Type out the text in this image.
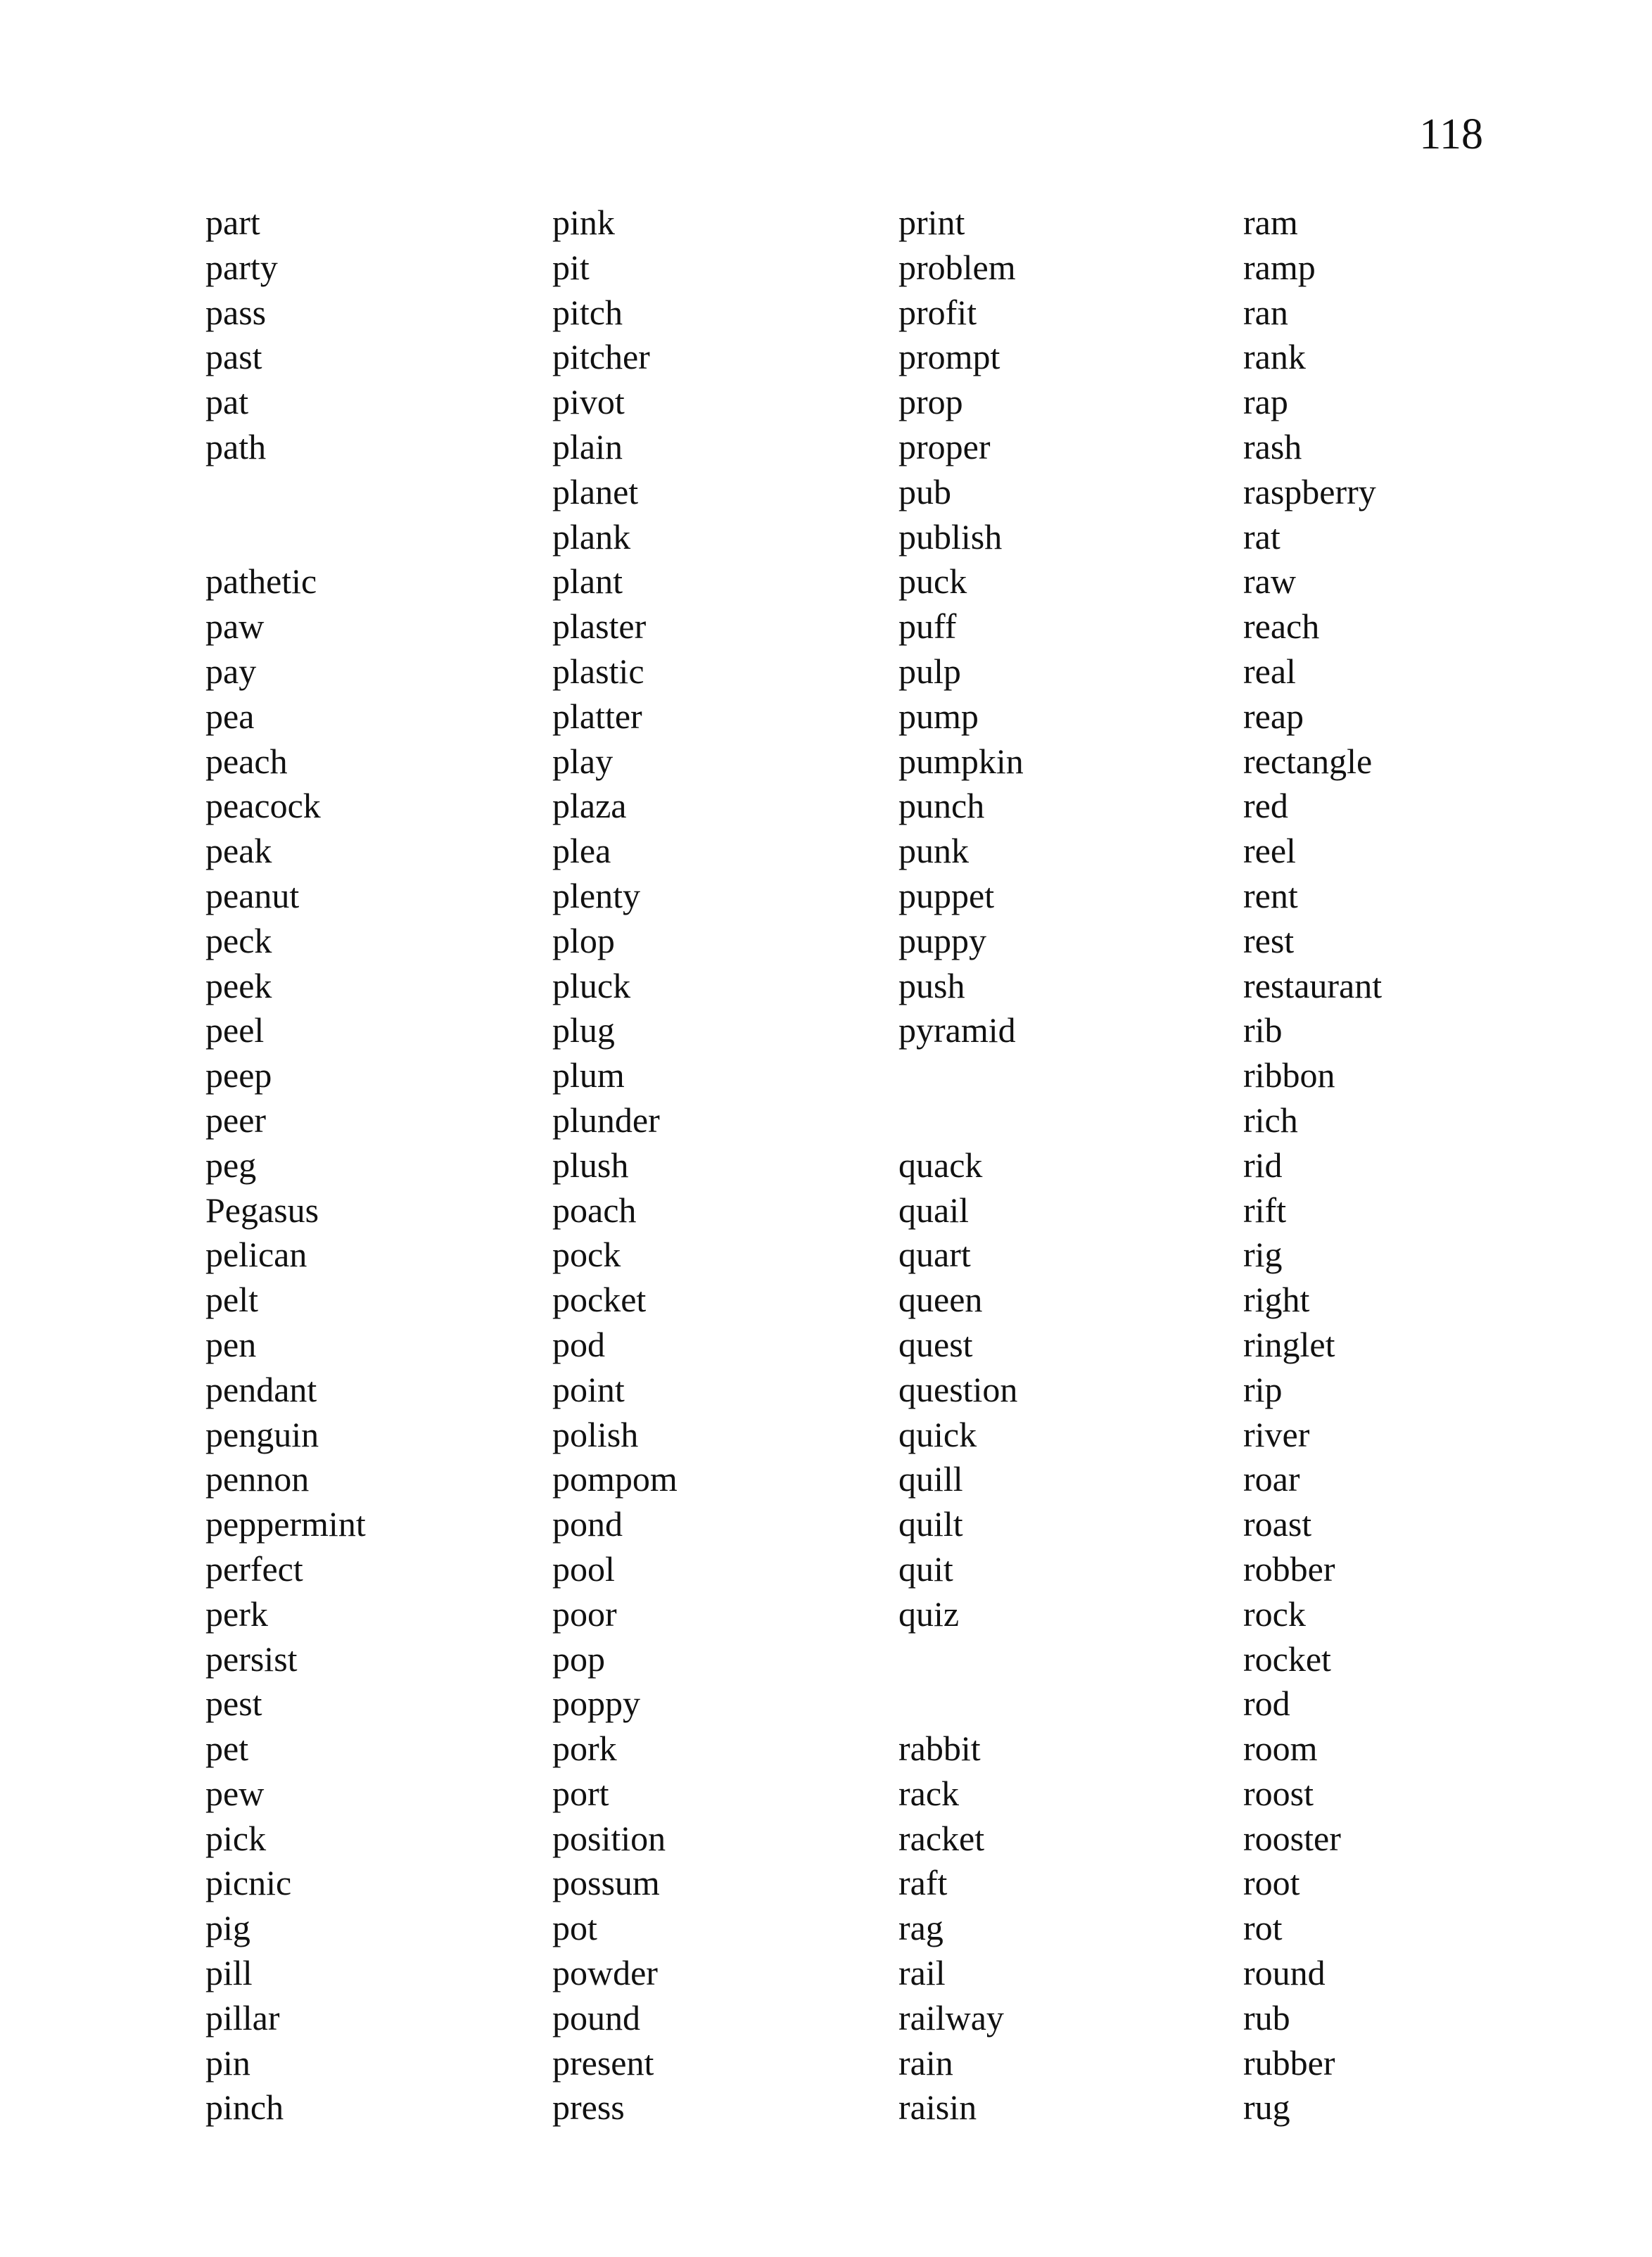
118
part
party
pass
past
pat
path
pathetic
paw
pay
pea
peach
peacock
peak
peanut
peck
peek
peel
peep
peer
peg
Pegasus
pelican
pelt
pen
pendant
penguin
pennon
peppermint
perfect
perk
persist
pest
pet
pew
pick
picnic
pig
pill
pillar
pin
pinch
pink
pit
pitch
pitcher
pivot
plain
planet
plank
plant
plaster
plastic
platter
play
plaza
plea
plenty
plop
pluck
plug
plum
plunder
plush
poach
pock
pocket
pod
point
polish
pompom
pond
pool
poor
pop
poppy
pork
port
position
possum
pot
powder
pound
present
press
print
problem
profit
prompt
prop
proper
pub
publish
puck
puff
pulp
pump
pumpkin
punch
punk
puppet
puppy
push
pyramid
quack
quail
quart
queen
quest
question
quick
quill
quilt
quit
quiz
rabbit
rack
racket
raft
rag
rail
railway
rain
raisin
ram
ramp
ran
rank
rap
rash
raspberry
rat
raw
reach
real
reap
rectangle
red
reel
rent
rest
restaurant
rib
ribbon
rich
rid
rift
rig
right
ringlet
rip
river
roar
roast
robber
rock
rocket
rod
room
roost
rooster
root
rot
round
rub
rubber
rug
